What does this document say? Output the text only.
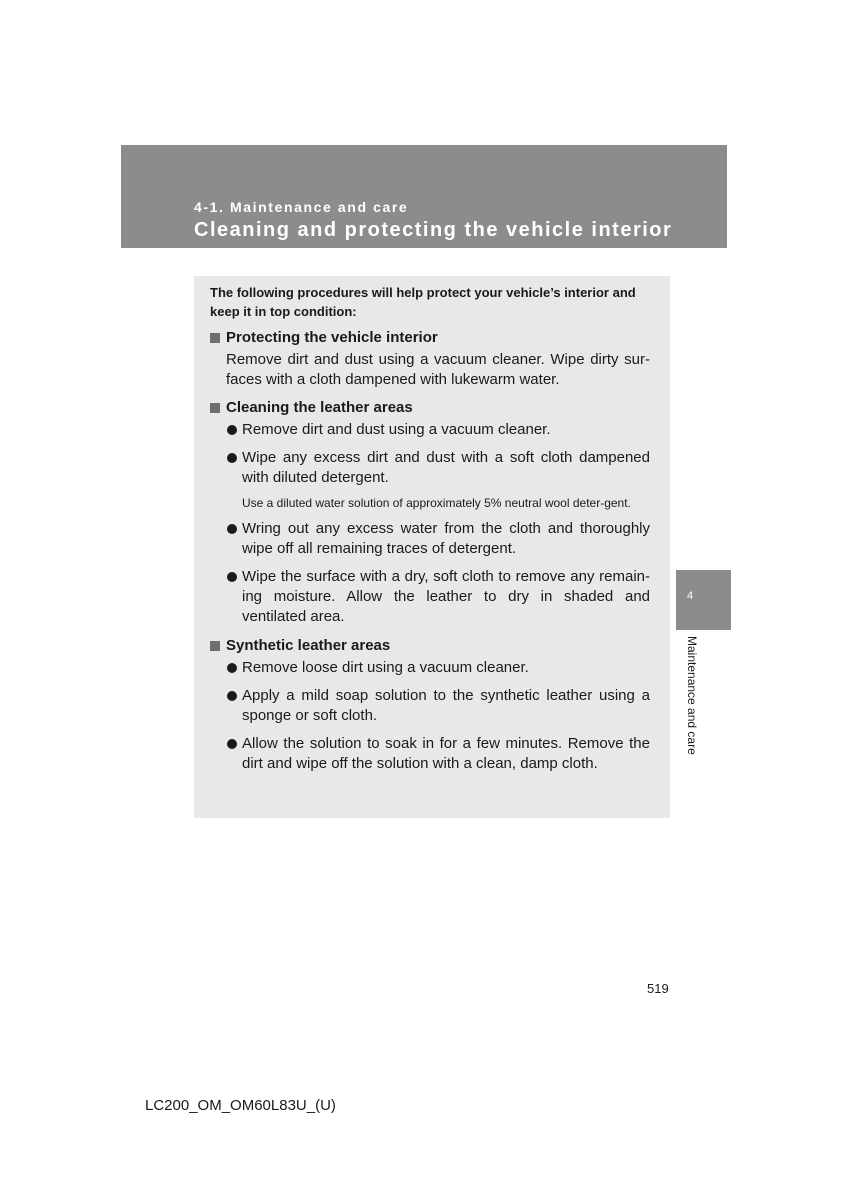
4-1. Maintenance and care
Cleaning and protecting the vehicle interior

The following procedures will help protect your vehicle’s interior and keep it in top condition:

Protecting the vehicle interior

Remove dirt and dust using a vacuum cleaner. Wipe dirty sur-faces with a cloth dampened with lukewarm water.

Cleaning the leather areas
Remove dirt and dust using a vacuum cleaner.
Wipe any excess dirt and dust with a soft cloth dampened with diluted detergent.

Use a diluted water solution of approximately 5% neutral wool deter-gent.

Wring out any excess water from the cloth and thoroughly wipe off all remaining traces of detergent.
Wipe the surface with a dry, soft cloth to remove any remain-ing moisture. Allow the leather to dry in shaded and ventilated area.
Synthetic leather areas
Remove loose dirt using a vacuum cleaner.
Apply a mild soap solution to the synthetic leather using a sponge or soft cloth.
Allow the solution to soak in for a few minutes. Remove the dirt and wipe off the solution with a clean, damp cloth.
4
Maintenance and care
519
LC200_OM_OM60L83U_(U)
